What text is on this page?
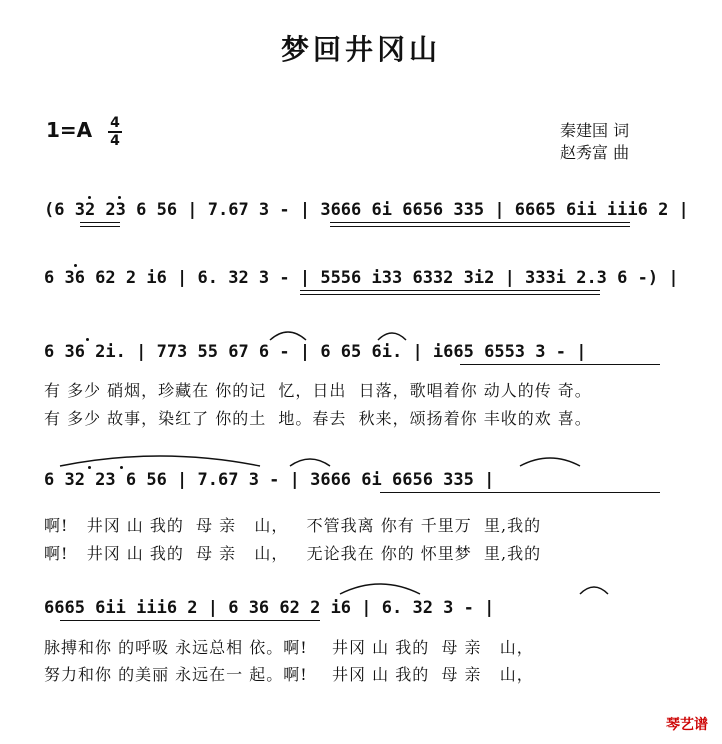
梦回井冈山
1=A 4
4
秦建国 词
赵秀富 曲
(6 32 23 6 56 | 7.67 3 - | 3666 6i 6656 335 | 6665 6ii iii6 2 |
6 36 62 2 i6 | 6. 32 3 - | 5556 i33 6332 3i2 | 333i 2.3 6 -) |
6 36 2i. | 773 55 67 6 - | 6 65 6i. | i665 6553 3 - |
有 多少 硝烟，珍藏在 你的记  忆，日出  日落，歌唱着你 动人的传 奇。
有 多少 故事，染红了 你的土  地。春去  秋来，颂扬着你 丰收的欢 喜。
6 32 23 6 56 | 7.67 3 - | 3666 6i 6656 335 |
啊!   井冈 山 我的  母 亲   山，   不管我离 你有 千里万  里,我的
啊!   井冈 山 我的  母 亲   山，   无论我在 你的 怀里梦  里,我的
6665 6ii iii6 2 | 6 36 62 2 i6 | 6. 32 3 - |
脉搏和你 的呼吸 永远总相 依。啊!    井冈 山 我的  母 亲   山，
努力和你 的美丽 永远在一 起。啊!    井冈 山 我的  母 亲   山，
琴艺谱
